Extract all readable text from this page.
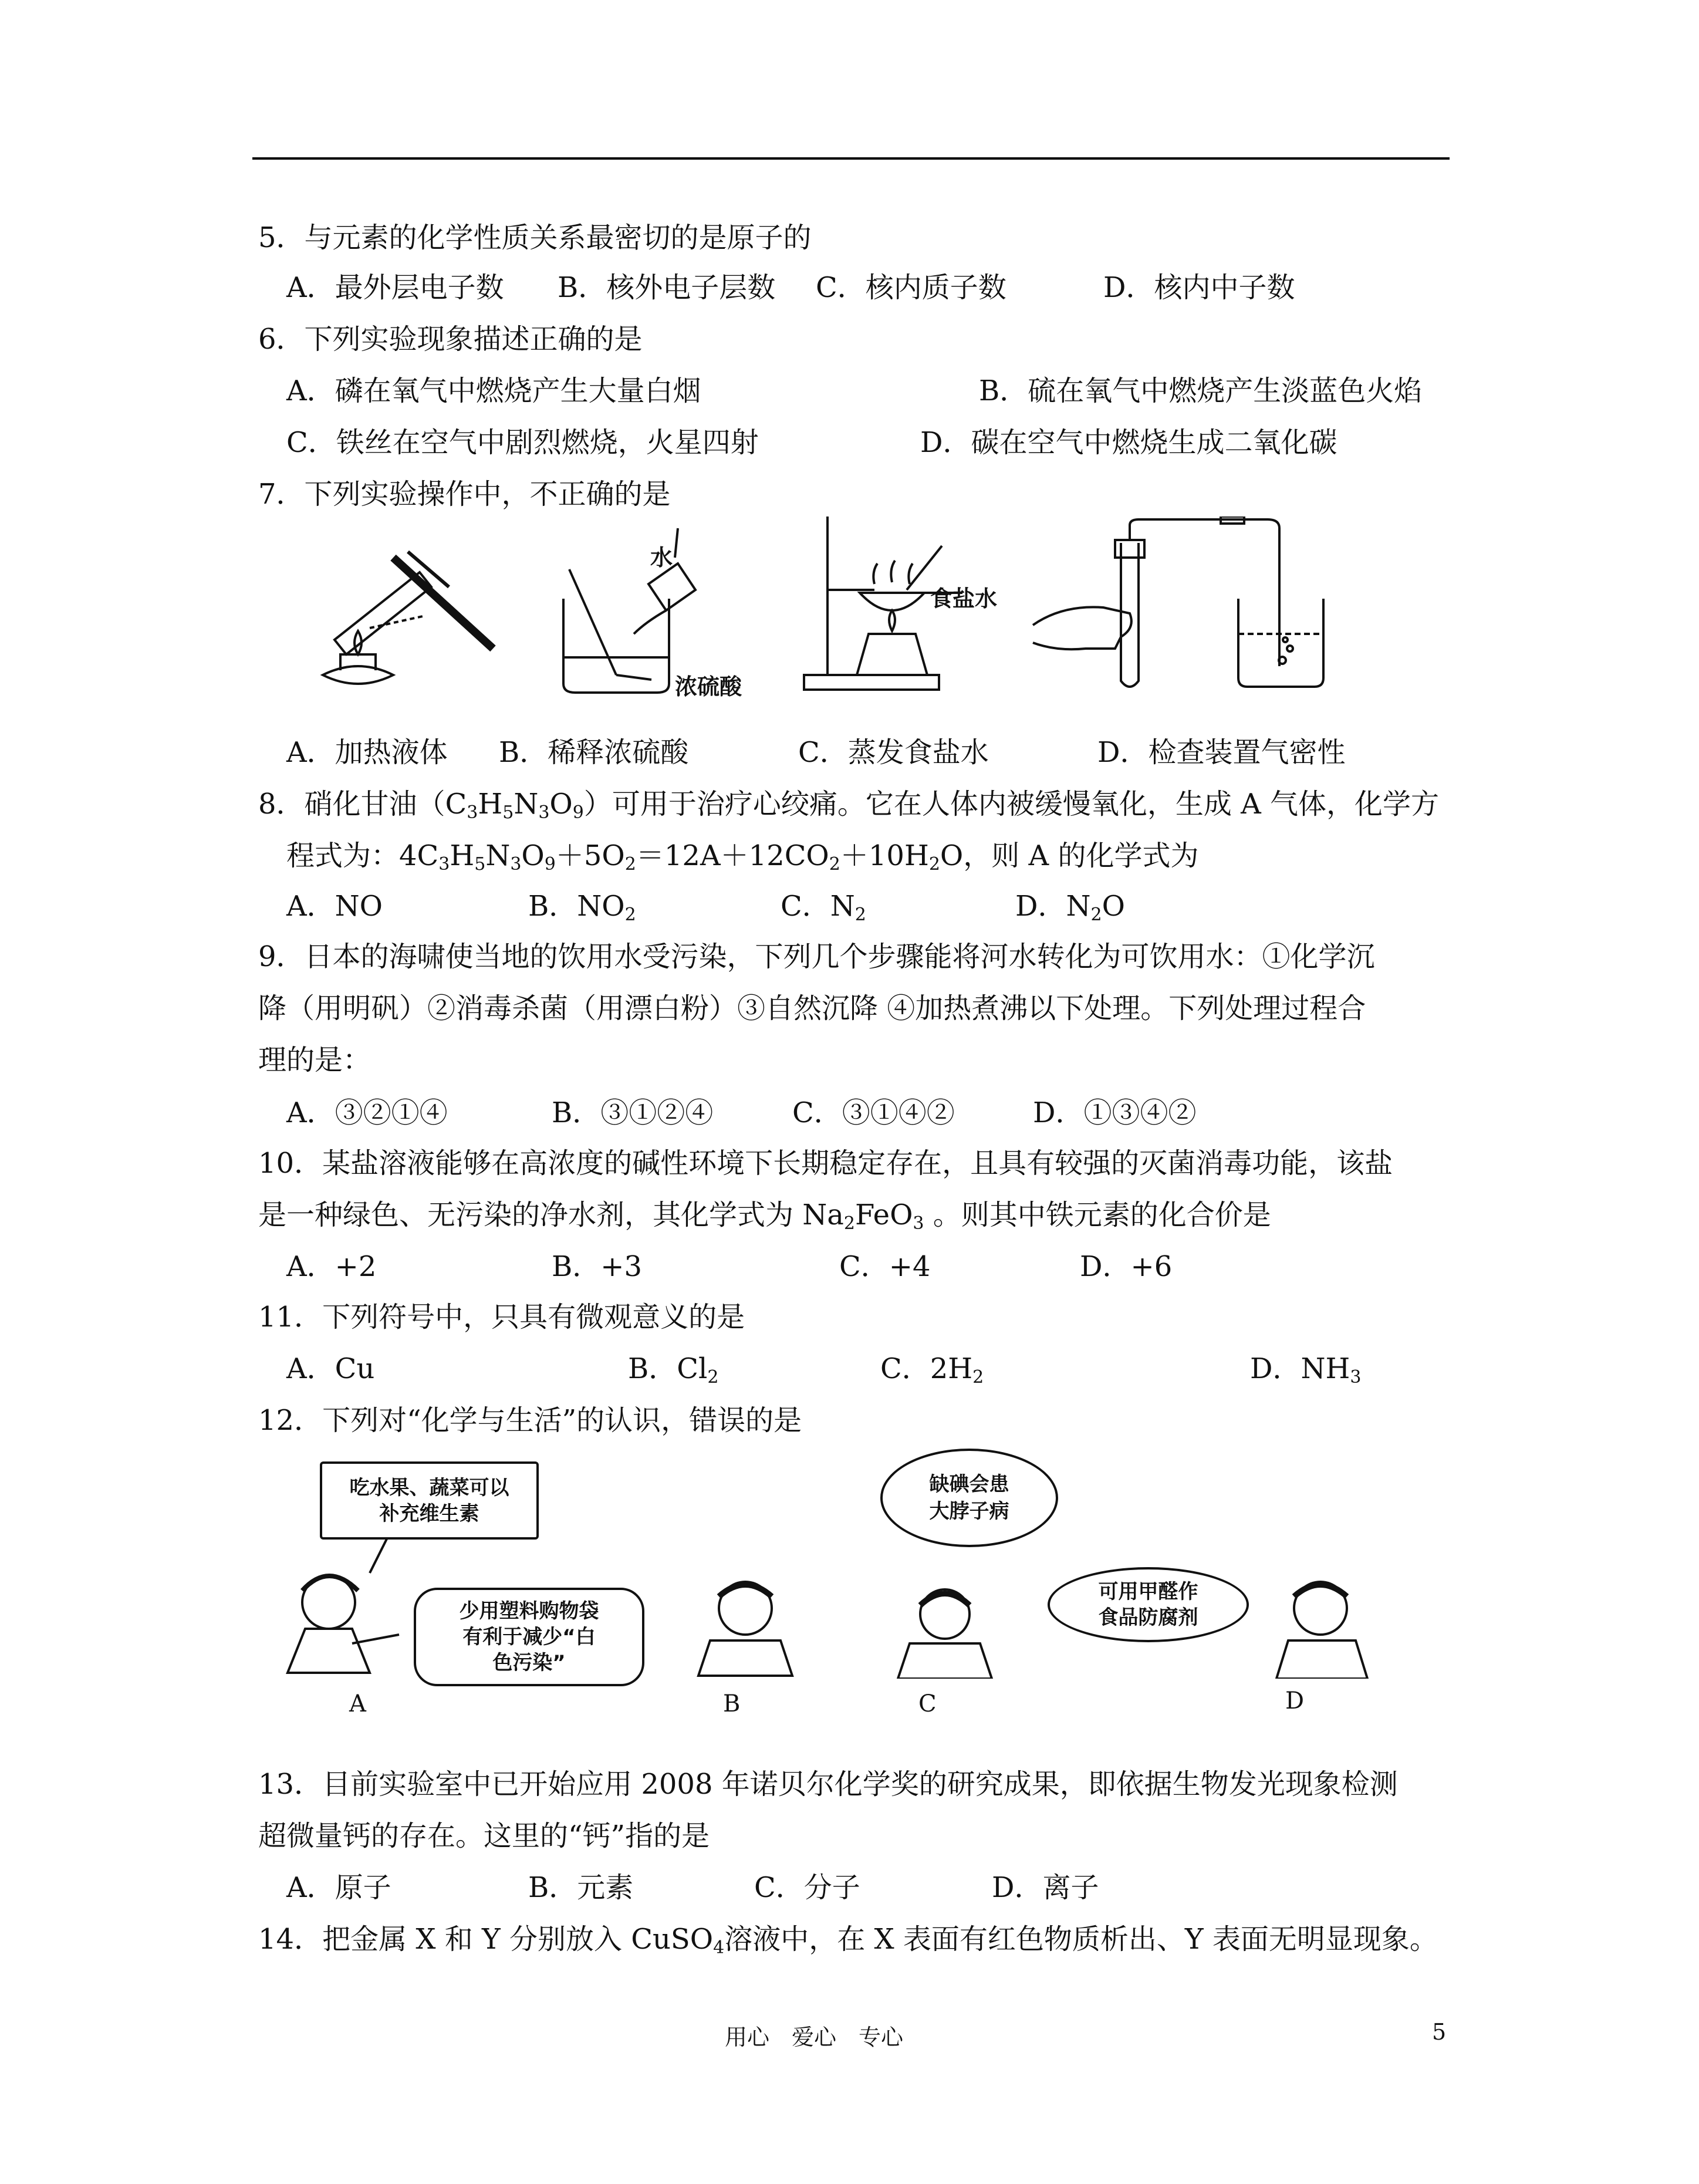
5．与元素的化学性质关系最密切的是原子的
A．最外层电子数 B．核外电子层数 C．核内质子数	D．核内中子数
6．下列实验现象描述正确的是
A．磷在氧气中燃烧产生大量白烟	B．硫在氧气中燃烧产生淡蓝色火焰
C．铁丝在空气中剧烈燃烧，火星四射	D．碳在空气中燃烧生成二氧化碳
7．下列实验操作中，不正确的是
水
浓硫酸
食盐水
A．加热液体 B．稀释浓硫酸	C．蒸发食盐水	D．检查装置气密性
8．硝化甘油$(C_3H_5N_3O_9)$可用于治疗心绞痛。它在人体内被缓慢氧化，生成 A 气体，化学方
程式为：$4C_3H_5N_3O_9+5O_2=12A+12CO_2+10H_2O$，则 A 的化学式为
A．NO	B．$NO_2$	C．$N_2$	D．$N_2O$
9．日本的海啸使当地的饮用水受污染，下列几个步骤能将河水转化为可饮用水：①化学沉
降（用明矾）②消毒杀菌（用漂白粉）③自然沉降 ④加热煮沸以下处理。下列处理过程合
理的是：
A．③②①④	B．③①②④	C．③①④②	D．①③④②
10．某盐溶液能够在高浓度的碱性环境下长期稳定存在，且具有较强的灭菌消毒功能，该盐
是一种绿色、无污染的净水剂，其化学式为 $Na_2FeO_3$ 。则其中铁元素的化合价是
A．+2	B．+3	C．+4	D．+6
11．下列符号中，只具有微观意义的是
A．Cu	B．$Cl_2$	C．$2H_2$	D．$NH_3$
12．下列对“化学与生活”的认识，错误的是
吃水果、蔬菜可以
补充维生素
少用塑料购物袋
有利于减少“白
色污染”
缺碘会患
大脖子病
可用甲醛作
食品防腐剂
A	B	C	D
13．目前实验室中已开始应用 2008 年诺贝尔化学奖的研究成果，即依据生物发光现象检测
超微量钙的存在。这里的“钙”指的是
A．原子	B．元素	C．分子	D．离子
14．把金属 X 和 Y 分别放入 CuSO$_4$溶液中，在 X 表面有红色物质析出、Y 表面无明显现象。
用心　爱心　专心	5
